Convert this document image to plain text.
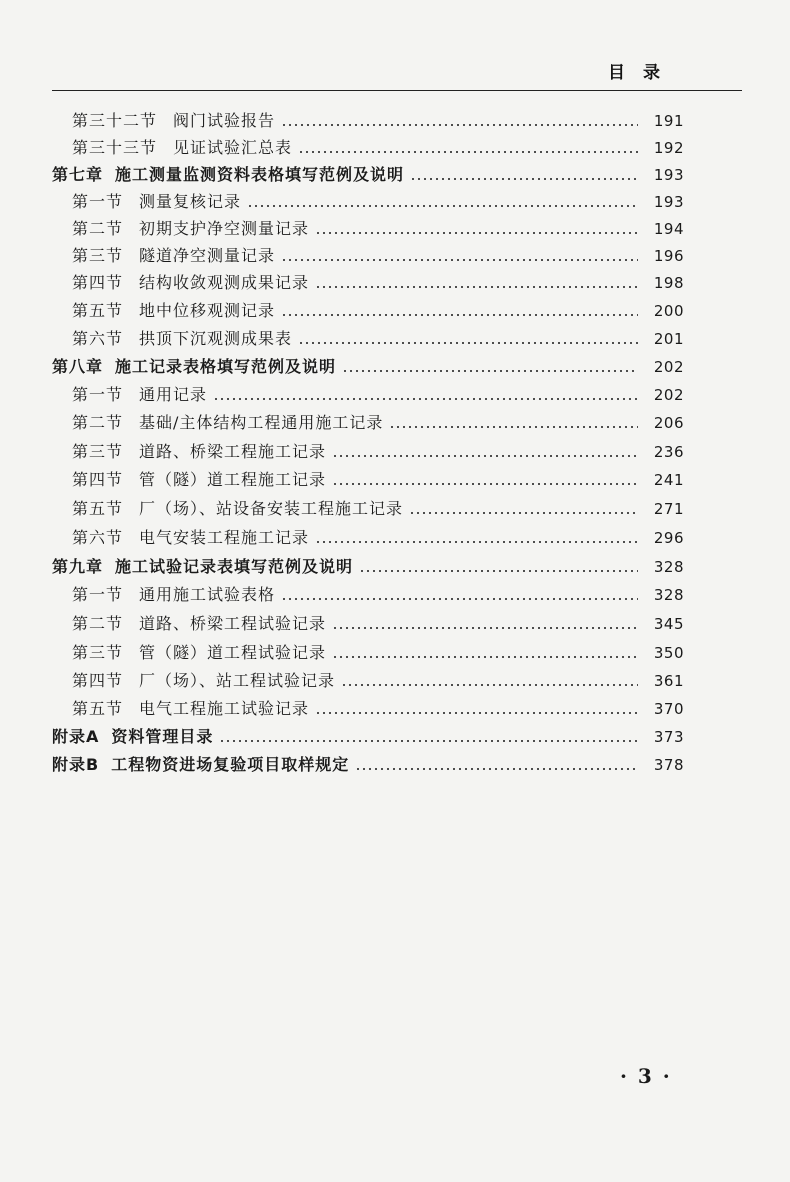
目录
第三十二节 阀门试验报告	191
第三十三节 见证试验汇总表	192
第七章 施工测量监测资料表格填写范例及说明	193
第一节 测量复核记录	193
第二节 初期支护净空测量记录	194
第三节 隧道净空测量记录	196
第四节 结构收敛观测成果记录	198
第五节 地中位移观测记录	200
第六节 拱顶下沉观测成果表	201
第八章 施工记录表格填写范例及说明	202
第一节 通用记录	202
第二节 基础/主体结构工程通用施工记录	206
第三节 道路、桥梁工程施工记录	236
第四节 管（隧）道工程施工记录	241
第五节 厂（场）、站设备安装工程施工记录	271
第六节 电气安装工程施工记录	296
第九章 施工试验记录表填写范例及说明	328
第一节 通用施工试验表格	328
第二节 道路、桥梁工程试验记录	345
第三节 管（隧）道工程试验记录	350
第四节 厂（场）、站工程试验记录	361
第五节 电气工程施工试验记录	370
附录A 资料管理目录	373
附录B 工程物资进场复验项目取样规定	378
· 3 ·
